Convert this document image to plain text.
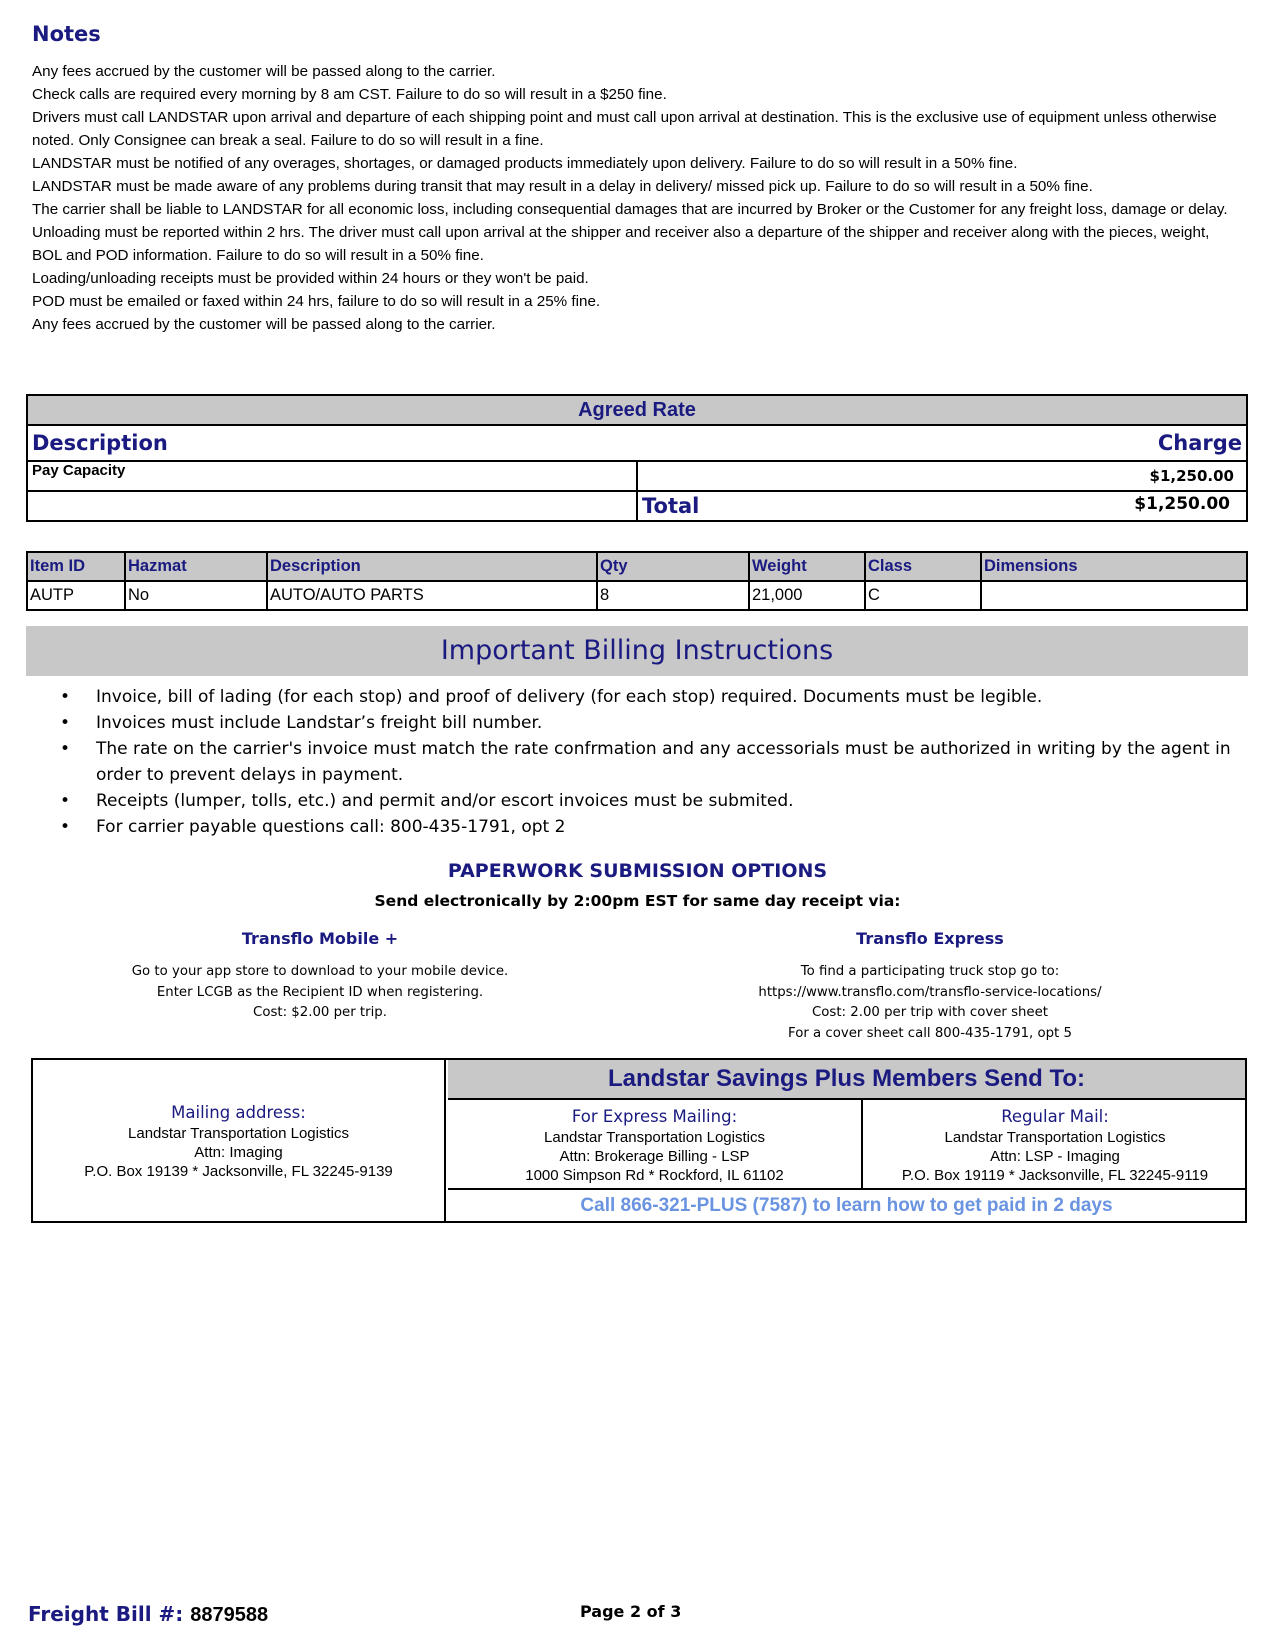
Notes
Any fees accrued by the customer will be passed along to the carrier.
Check calls are required every morning by 8 am CST. Failure to do so will result in a $250 fine.
Drivers must call LANDSTAR upon arrival and departure of each shipping point and must call upon arrival at destination. This is the exclusive use of equipment unless otherwise noted. Only Consignee can break a seal. Failure to do so will result in a fine.
LANDSTAR must be notified of any overages, shortages, or damaged products immediately upon delivery. Failure to do so will result in a 50% fine.
LANDSTAR must be made aware of any problems during transit that may result in a delay in delivery/ missed pick up. Failure to do so will result in a 50% fine.
The carrier shall be liable to LANDSTAR for all economic loss, including consequential damages that are incurred by Broker or the Customer for any freight loss, damage or delay.
Unloading must be reported within 2 hrs. The driver must call upon arrival at the shipper and receiver also a departure of the shipper and receiver along with the pieces, weight, BOL and POD information. Failure to do so will result in a 50% fine.
Loading/unloading receipts must be provided within 24 hours or they won't be paid.
POD must be emailed or faxed within 24 hrs, failure to do so will result in a 25% fine.
Any fees accrued by the customer will be passed along to the carrier.
Agreed Rate	
Description Charge	

Pay Capacity	$1,250.00
	Total $1,250.00
Item ID	Hazmat	Description	Qty	Weight	Class	Dimensions
AUTP	No	AUTO/AUTO PARTS	8	21,000	C	
Important Billing Instructions
• Invoice, bill of lading (for each stop) and proof of delivery (for each stop) required. Documents must be legible.
• Invoices must include Landstar’s freight bill number.
• The rate on the carrier's invoice must match the rate confrmation and any accessorials must be authorized in writing by the agent in order to prevent delays in payment.
• Receipts (lumper, tolls, etc.) and permit and/or escort invoices must be submited.
• For carrier payable questions call: 800-435-1791, opt 2
PAPERWORK SUBMISSION OPTIONS
Send electronically by 2:00pm EST for same day receipt via:
Transflo Mobile +
Go to your app store to download to your mobile device.
Enter LCGB as the Recipient ID when registering.
Cost: $2.00 per trip.
Transflo Express
To find a participating truck stop go to:
https://www.transflo.com/transflo-service-locations/
Cost: 2.00 per trip with cover sheet
For a cover sheet call 800-435-1791, opt 5
Mailing address:
Landstar Transportation Logistics
Attn: Imaging
P.O. Box 19139 * Jacksonville, FL 32245-9139
Landstar Savings Plus Members Send To:
For Express Mailing:
Landstar Transportation Logistics
Attn: Brokerage Billing - LSP
1000 Simpson Rd * Rockford, IL 61102
Regular Mail:
Landstar Transportation Logistics
Attn: LSP - Imaging
P.O. Box 19119 * Jacksonville, FL 32245-9119
Call 866-321-PLUS (7587) to learn how to get paid in 2 days
Freight Bill #: 8879588	Page 2 of 3
